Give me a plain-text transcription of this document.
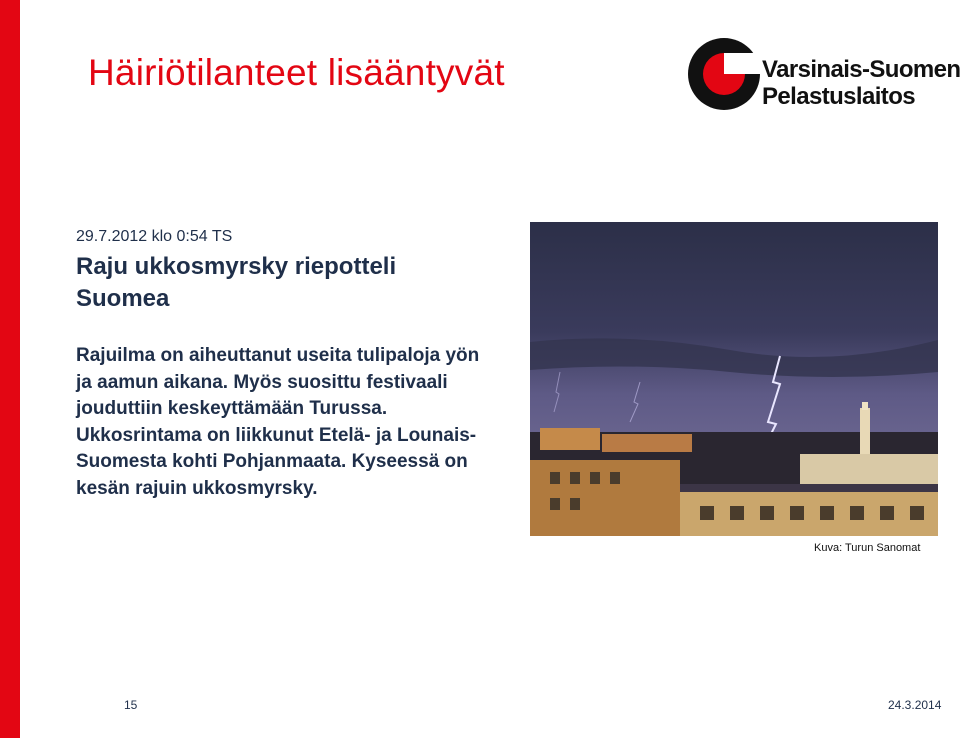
Häiriötilanteet lisääntyvät	Varsinais-Suomen
Pelastuslaitos
29.7.2012 klo 0:54 TS
Raju ukkosmyrsky riepotteli Suomea
Rajuilma on aiheuttanut useita tulipaloja yön ja aamun aikana. Myös suosittu festivaali jouduttiin keskeyttämään Turussa. Ukkosrintama on liikkunut Etelä- ja Lounais-Suomesta kohti Pohjanmaata. Kyseessä on kesän rajuin ukkosmyrsky.
Kuva: Turun Sanomat
15	24.3.2014
